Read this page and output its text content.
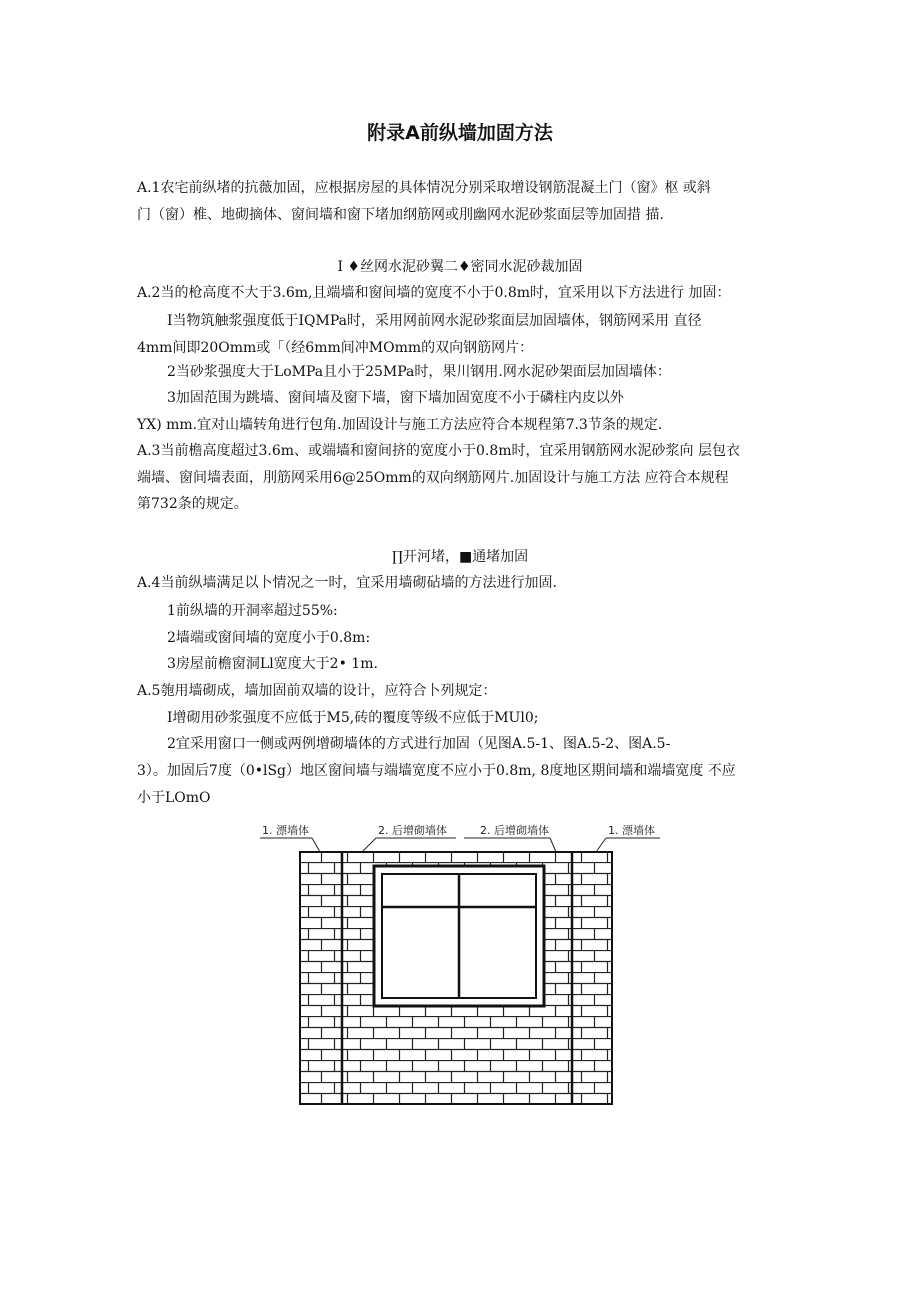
附录A前纵墙加固方法
A.1农宅前纵堵的抗薇加固，应根据房屋的具体情况分别采取增设钢筋混凝土门（窗》枢 或斜
门（窗）椎、地砌摘体、窗间墙和窗下堵加纲筋网或刖幽网水泥砂浆面层等加固措 描.
I ♦丝网水泥砂翼二♦密同水泥砂裁加固
A.2当的枪高度不大于3.6m,且端墙和窗间墙的宽度不小于0.8m时，宜采用以下方法进行 加固：
I当物筑触浆强度低于IQMPa时，采用网前网水泥砂浆面层加固墙体，钢筋网采用 直径
4mm间即20Omm或「（经6mm间冲MOmm的双向钢筋网片：
2当砂浆强度大于LoMPa且小于25MPa时，果川钢用.网水泥砂架面层加固墙体：
3加固范围为跳墙、窗间墙及窗下墙，窗下墙加固宽度不小于磷柱内皮以外
YX) mm.宜对山墙转角进行包角.加固设计与施工方法应符合本规程第7.3节条的规定.
A.3当前檐高度超过3.6m、或端墙和窗间挤的宽度小于0.8m时，宜采用钢筋网水泥砂浆向 层包衣
端墙、窗间墙表面，刖筋网采用6@25Omm的双向纲筋网片.加固设计与施工方法 应符合本规程
第732条的规定。
∏开河堵，■通堵加固
A.4当前纵墙满足以卜情况之一时，宜采用墙砌砧墙的方法进行加固.
1前纵墙的开洞率超过55%:
2墙端或窗间墙的宽度小于0.8m:
3房屋前檐窗洞Ll宽度大于2• 1m.
A.5匏用墙砌成，墙加固前双墙的设计，应符合卜列规定：
I增砌用砂浆强度不应低于M5,砖的覆度等级不应低于MUl0;
2宜采用窗口一侧或两例增砌墙体的方式进行加固（见图A.5-1、图A.5-2、图A.5-
3）。加固后7度（0•lSg）地区窗间墙与端墙宽度不应小于0.8m, 8度地区期间墙和端墙宽度 不应
小于LOmO
1. 漂墙体	2. 后增砌墙体	2. 后增砌墙体	1. 漂墙体
